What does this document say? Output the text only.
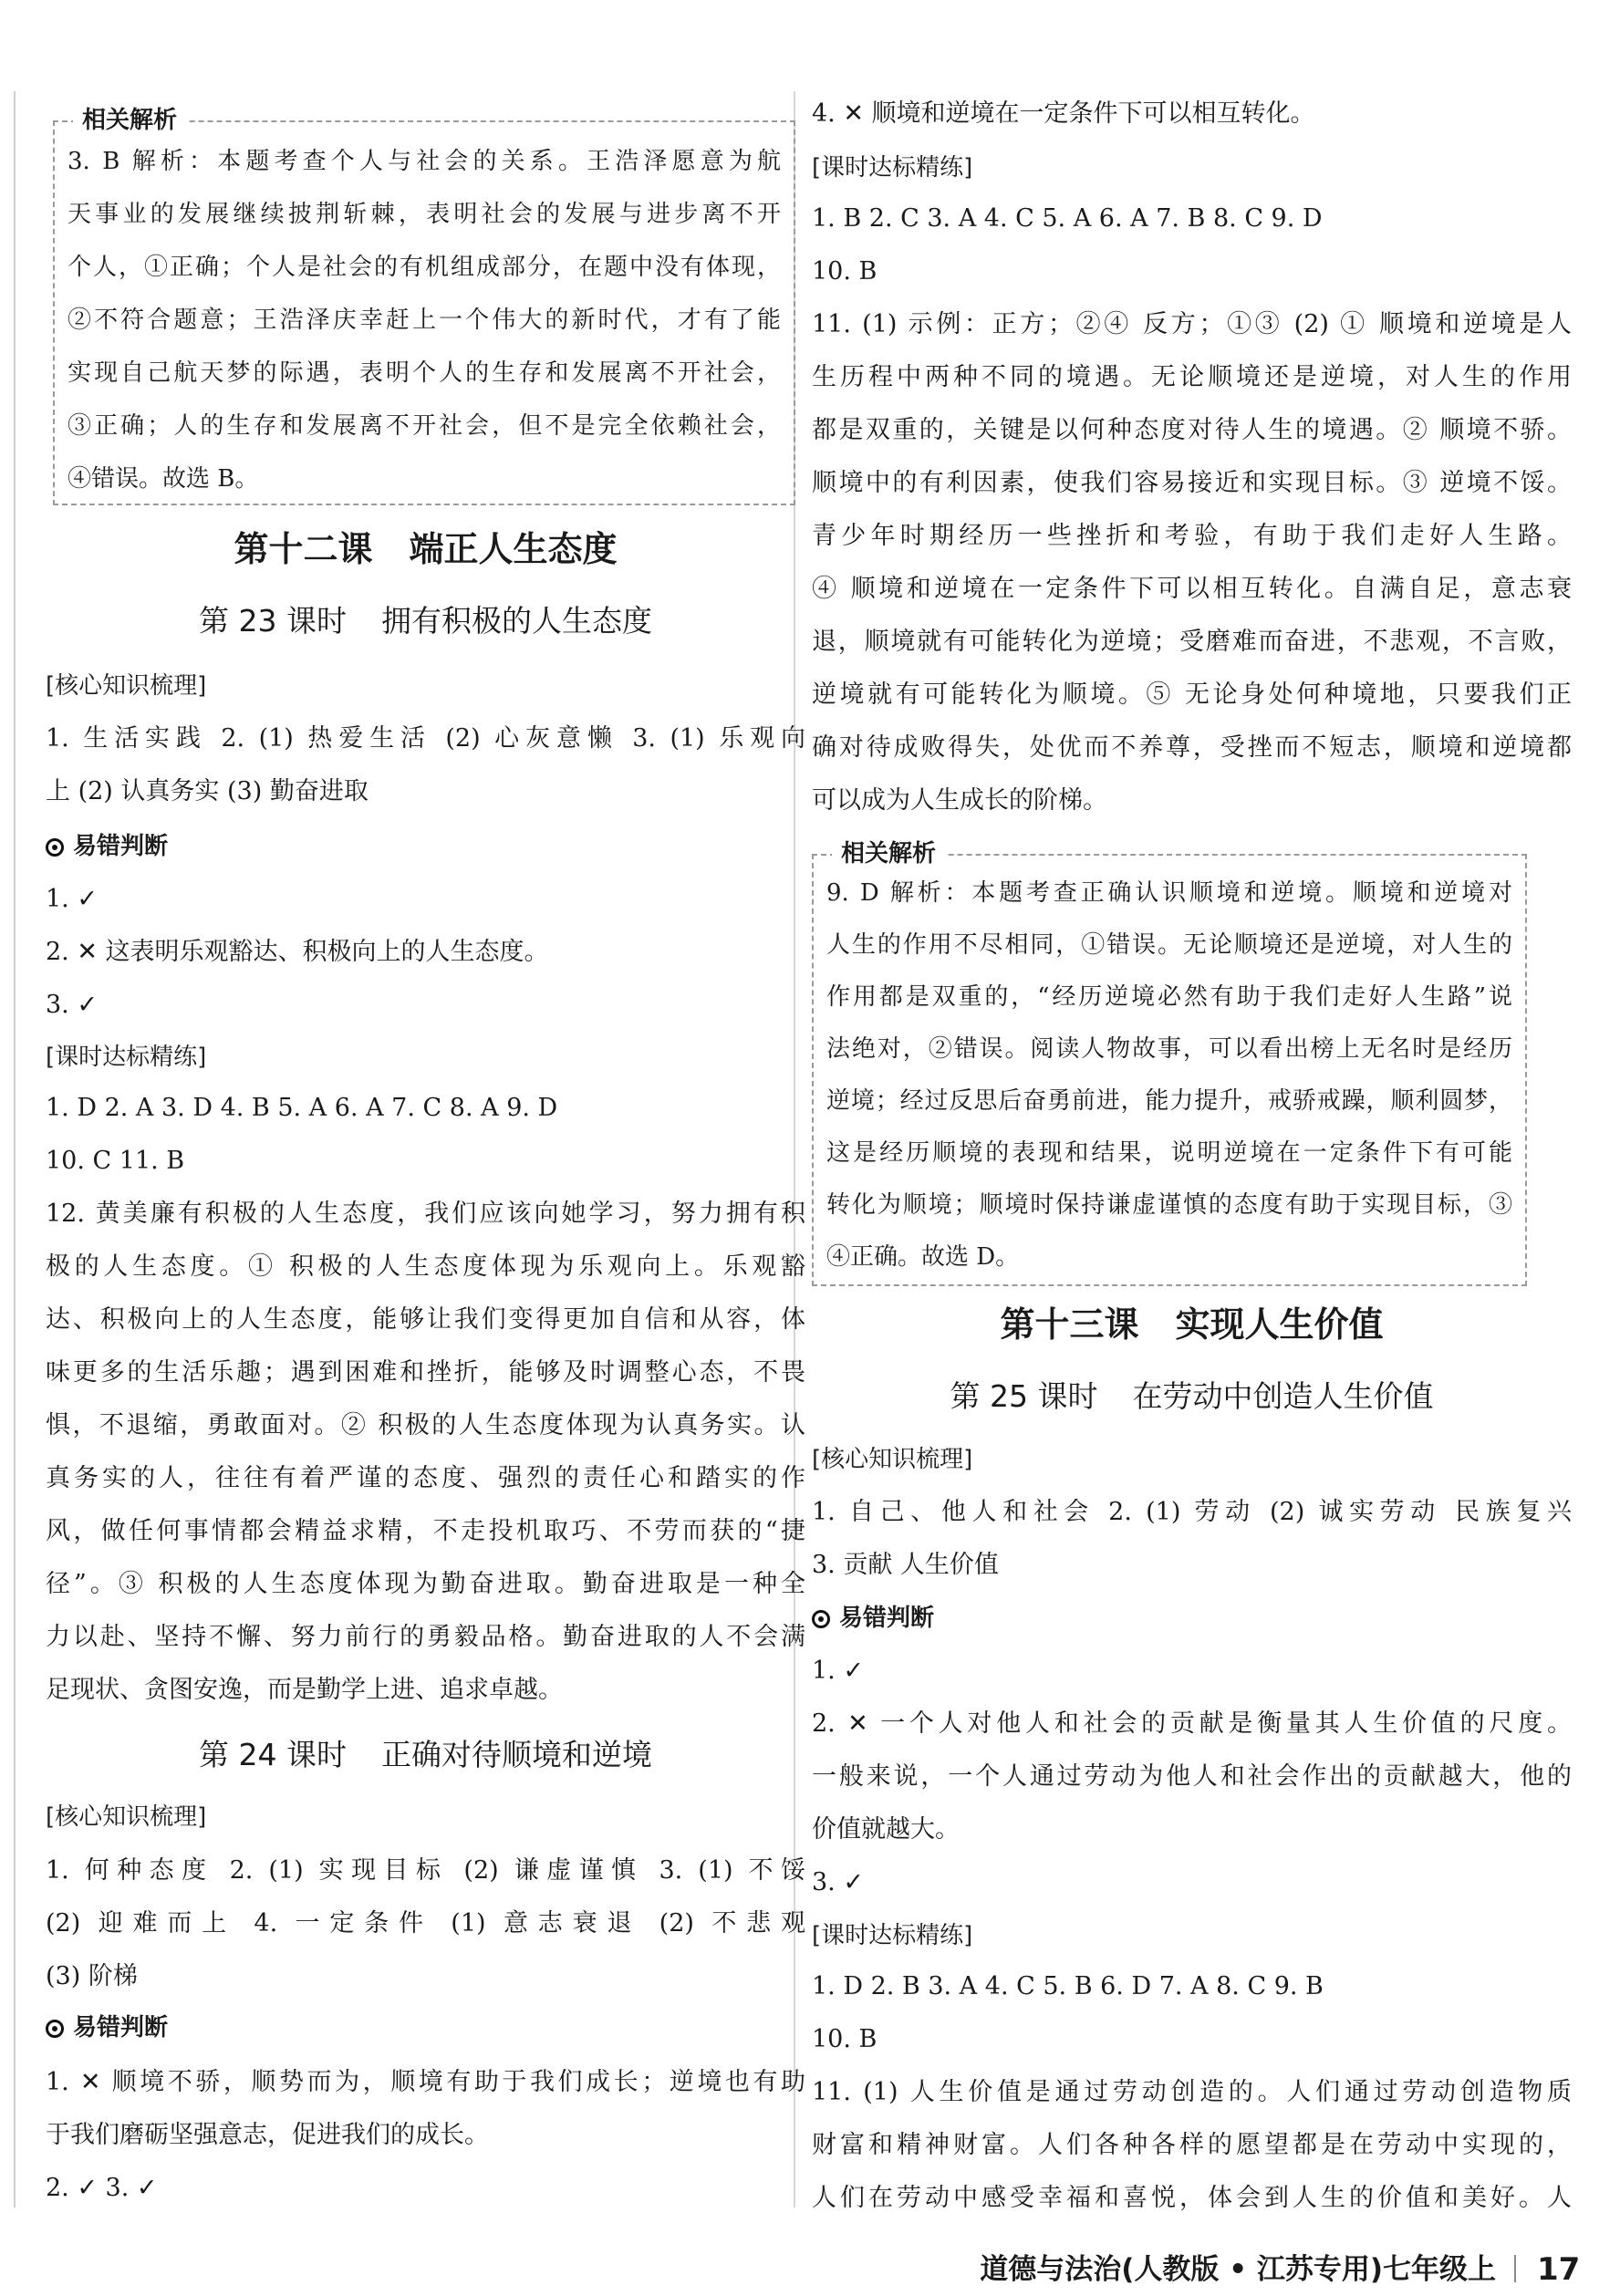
相关解析
3. B 解析：本题考查个人与社会的关系。王浩泽愿意为航
天事业的发展继续披荆斩棘，表明社会的发展与进步离不开
个人，①正确；个人是社会的有机组成部分，在题中没有体现，
②不符合题意；王浩泽庆幸赶上一个伟大的新时代，才有了能
实现自己航天梦的际遇，表明个人的生存和发展离不开社会，
③正确；人的生存和发展离不开社会，但不是完全依赖社会，
④错误。故选 B。
第十二课 端正人生态度
第 23 课时 拥有积极的人生态度
[核心知识梳理]
1. 生活实践 2. (1) 热爱生活 (2) 心灰意懒 3. (1) 乐观向
上 (2) 认真务实 (3) 勤奋进取
易错判断
1. ✓
2. ✕ 这表明乐观豁达、积极向上的人生态度。
3. ✓
[课时达标精练]
1. D 2. A 3. D 4. B 5. A 6. A 7. C 8. A 9. D
10. C 11. B
12. 黄美廉有积极的人生态度，我们应该向她学习，努力拥有积
极的人生态度。① 积极的人生态度体现为乐观向上。乐观豁
达、积极向上的人生态度，能够让我们变得更加自信和从容，体
味更多的生活乐趣；遇到困难和挫折，能够及时调整心态，不畏
惧，不退缩，勇敢面对。② 积极的人生态度体现为认真务实。认
真务实的人，往往有着严谨的态度、强烈的责任心和踏实的作
风，做任何事情都会精益求精，不走投机取巧、不劳而获的“捷
径”。③ 积极的人生态度体现为勤奋进取。勤奋进取是一种全
力以赴、坚持不懈、努力前行的勇毅品格。勤奋进取的人不会满
足现状、贪图安逸，而是勤学上进、追求卓越。
第 24 课时 正确对待顺境和逆境
[核心知识梳理]
1. 何种态度 2. (1) 实现目标 (2) 谦虚谨慎 3. (1) 不馁
(2) 迎难而上 4. 一定条件 (1) 意志衰退 (2) 不悲观
(3) 阶梯
易错判断
1. ✕ 顺境不骄，顺势而为，顺境有助于我们成长；逆境也有助
于我们磨砺坚强意志，促进我们的成长。
2. ✓ 3. ✓
4. ✕ 顺境和逆境在一定条件下可以相互转化。
[课时达标精练]
1. B 2. C 3. A 4. C 5. A 6. A 7. B 8. C 9. D
10. B
11. (1) 示例：正方；②④ 反方；①③ (2) ① 顺境和逆境是人
生历程中两种不同的境遇。无论顺境还是逆境，对人生的作用
都是双重的，关键是以何种态度对待人生的境遇。② 顺境不骄。
顺境中的有利因素，使我们容易接近和实现目标。③ 逆境不馁。
青少年时期经历一些挫折和考验，有助于我们走好人生路。
④ 顺境和逆境在一定条件下可以相互转化。自满自足，意志衰
退，顺境就有可能转化为逆境；受磨难而奋进，不悲观，不言败，
逆境就有可能转化为顺境。⑤ 无论身处何种境地，只要我们正
确对待成败得失，处优而不养尊，受挫而不短志，顺境和逆境都
可以成为人生成长的阶梯。
相关解析
9. D 解析：本题考查正确认识顺境和逆境。顺境和逆境对
人生的作用不尽相同，①错误。无论顺境还是逆境，对人生的
作用都是双重的，“经历逆境必然有助于我们走好人生路”说
法绝对，②错误。阅读人物故事，可以看出榜上无名时是经历
逆境；经过反思后奋勇前进，能力提升，戒骄戒躁，顺利圆梦，
这是经历顺境的表现和结果，说明逆境在一定条件下有可能
转化为顺境；顺境时保持谦虚谨慎的态度有助于实现目标，③
④正确。故选 D。
第十三课 实现人生价值
第 25 课时 在劳动中创造人生价值
[核心知识梳理]
1. 自己、他人和社会 2. (1) 劳动 (2) 诚实劳动 民族复兴
3. 贡献 人生价值
易错判断
1. ✓
2. ✕ 一个人对他人和社会的贡献是衡量其人生价值的尺度。
一般来说，一个人通过劳动为他人和社会作出的贡献越大，他的
价值就越大。
3. ✓
[课时达标精练]
1. D 2. B 3. A 4. C 5. B 6. D 7. A 8. C 9. B
10. B
11. (1) 人生价值是通过劳动创造的。人们通过劳动创造物质
财富和精神财富。人们各种各样的愿望都是在劳动中实现的，
人们在劳动中感受幸福和喜悦，体会到人生的价值和美好。人
道德与法治(人教版 • 江苏专用)七年级上 17
